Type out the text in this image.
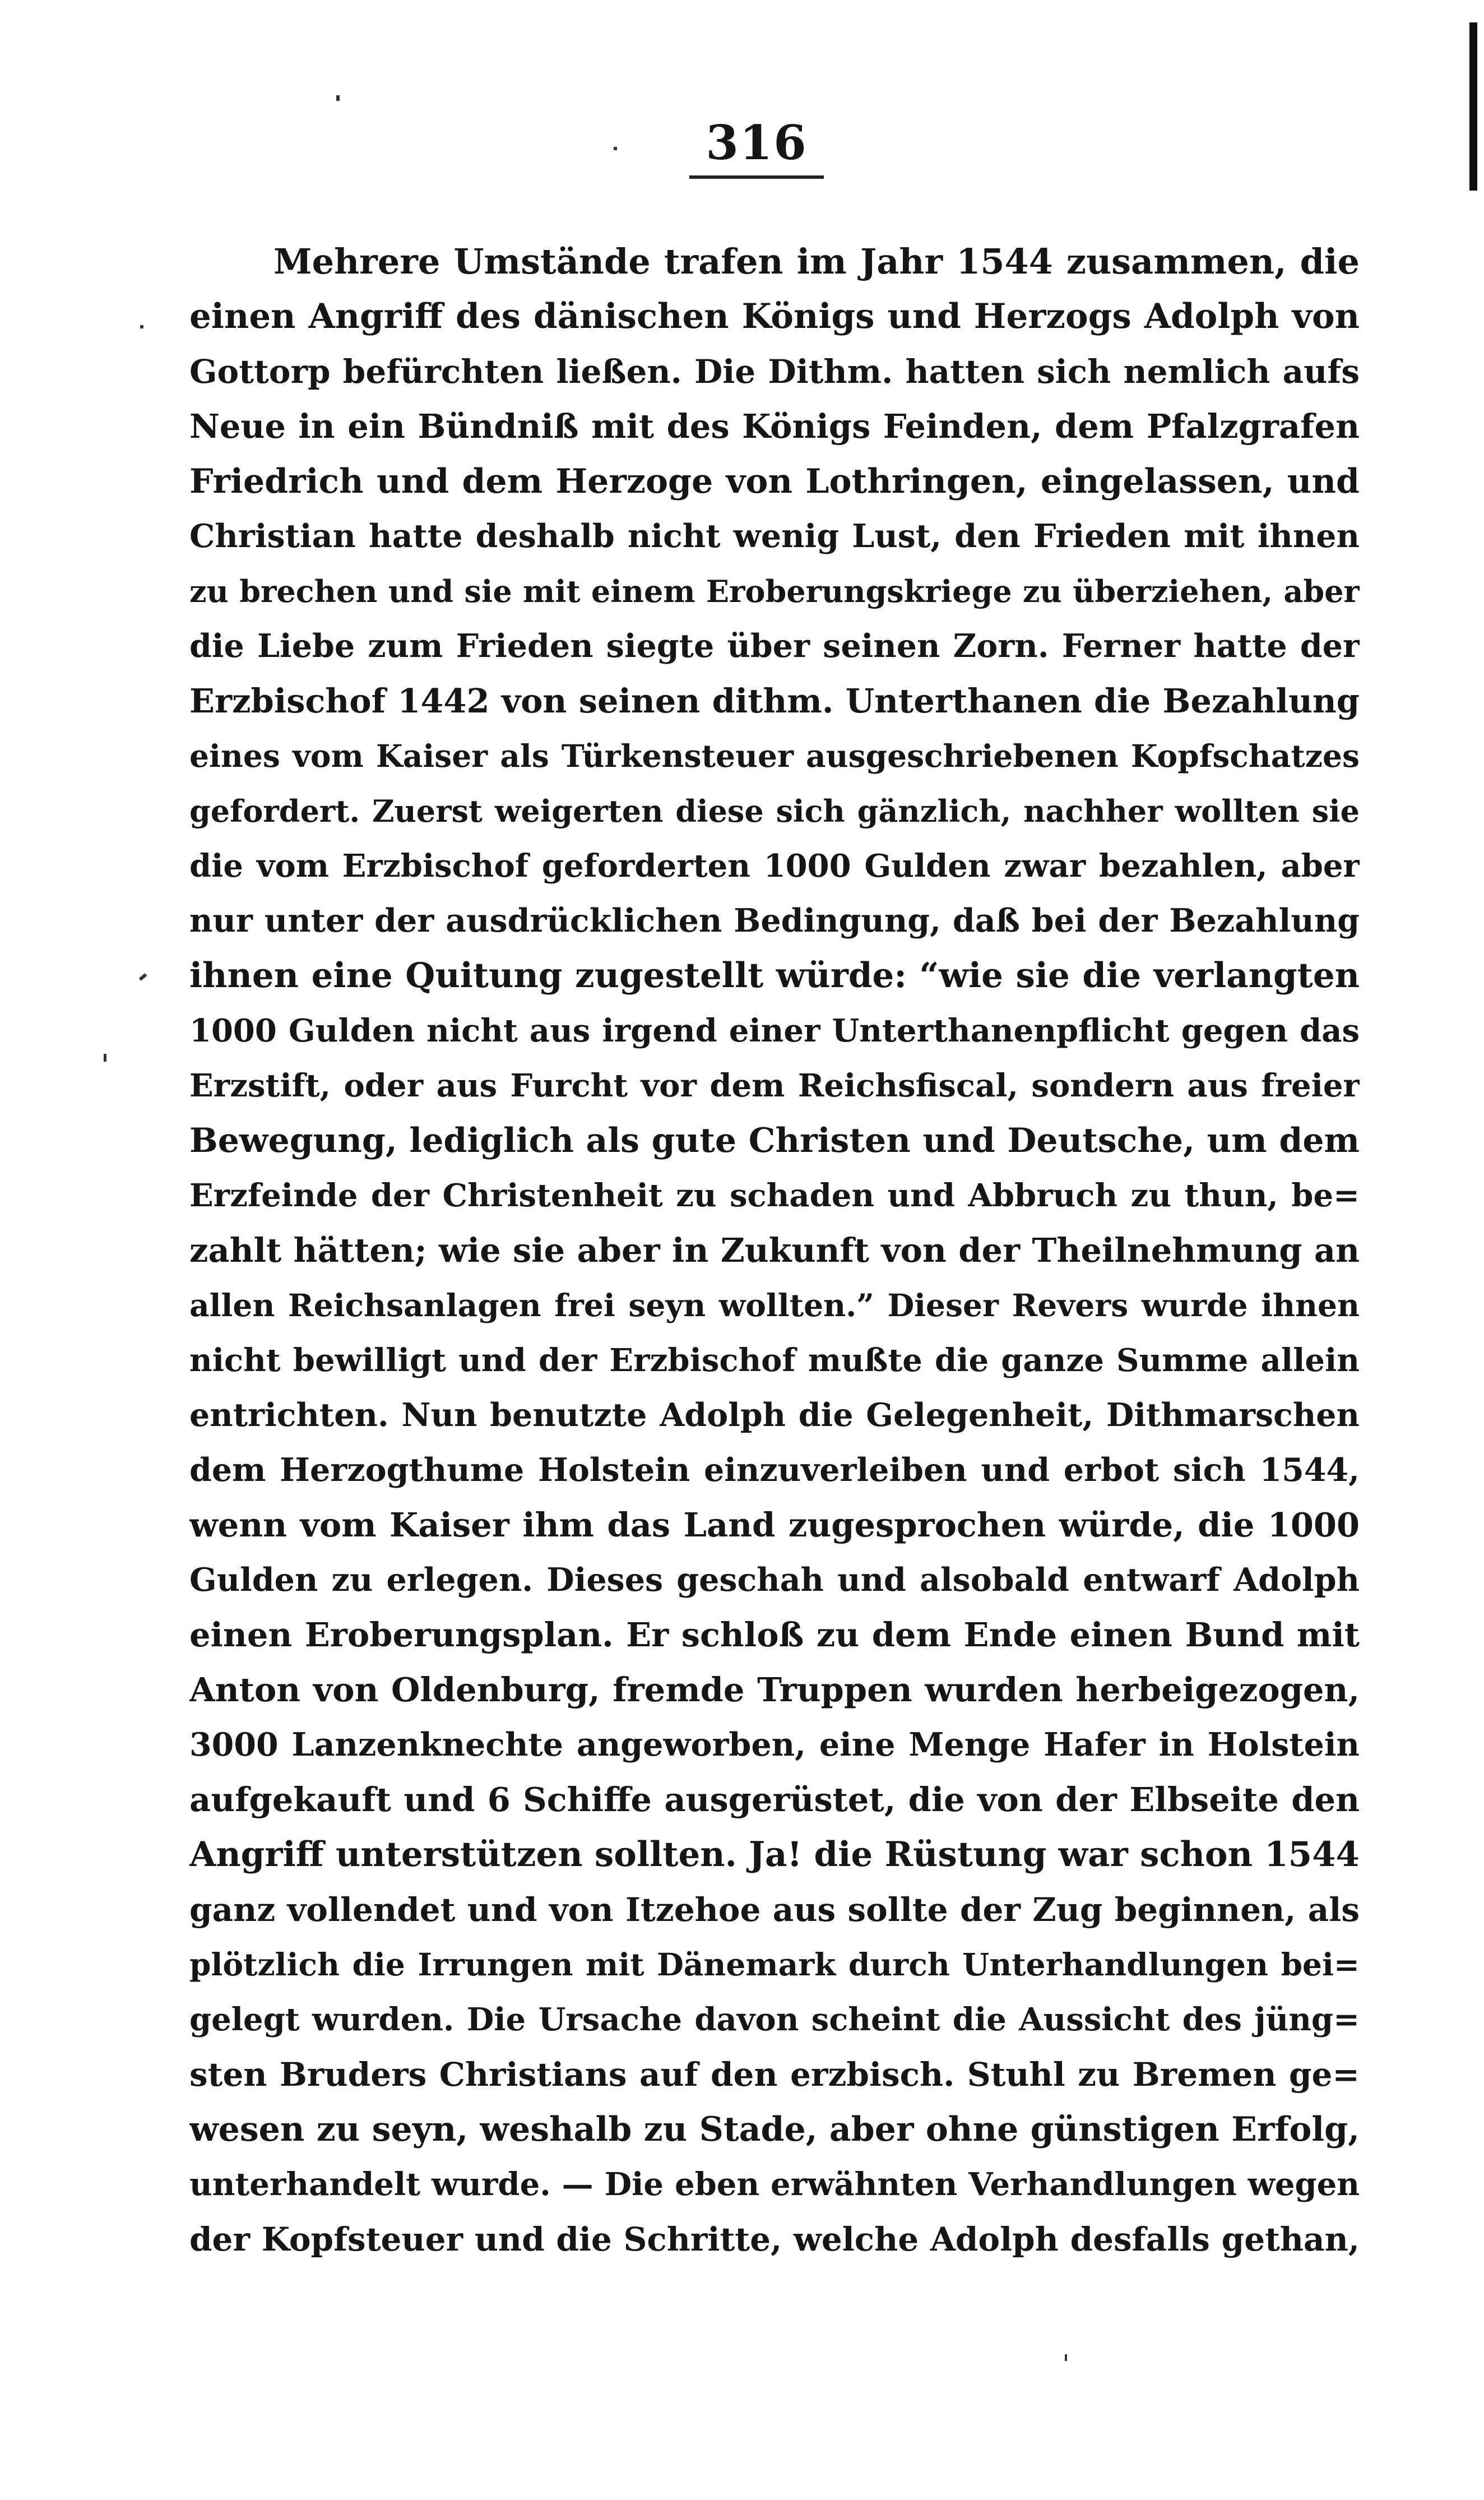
316
Mehrere Umstände trafen im Jahr 1544 zusammen, die
einen Angriff des dänischen Königs und Herzogs Adolph von
Gottorp befürchten ließen. Die Dithm. hatten sich nemlich aufs
Neue in ein Bündniß mit des Königs Feinden, dem Pfalzgrafen
Friedrich und dem Herzoge von Lothringen, eingelassen, und
Christian hatte deshalb nicht wenig Lust, den Frieden mit ihnen
zu brechen und sie mit einem Eroberungskriege zu überziehen, aber
die Liebe zum Frieden siegte über seinen Zorn. Ferner hatte der
Erzbischof 1442 von seinen dithm. Unterthanen die Bezahlung
eines vom Kaiser als Türkensteuer ausgeschriebenen Kopfschatzes
gefordert. Zuerst weigerten diese sich gänzlich, nachher wollten sie
die vom Erzbischof geforderten 1000 Gulden zwar bezahlen, aber
nur unter der ausdrücklichen Bedingung, daß bei der Bezahlung
ihnen eine Quitung zugestellt würde: “wie sie die verlangten
1000 Gulden nicht aus irgend einer Unterthanenpflicht gegen das
Erzstift, oder aus Furcht vor dem Reichsfiscal, sondern aus freier
Bewegung, lediglich als gute Christen und Deutsche, um dem
Erzfeinde der Christenheit zu schaden und Abbruch zu thun, be=
zahlt hätten; wie sie aber in Zukunft von der Theilnehmung an
allen Reichsanlagen frei seyn wollten.” Dieser Revers wurde ihnen
nicht bewilligt und der Erzbischof mußte die ganze Summe allein
entrichten. Nun benutzte Adolph die Gelegenheit, Dithmarschen
dem Herzogthume Holstein einzuverleiben und erbot sich 1544,
wenn vom Kaiser ihm das Land zugesprochen würde, die 1000
Gulden zu erlegen. Dieses geschah und alsobald entwarf Adolph
einen Eroberungsplan. Er schloß zu dem Ende einen Bund mit
Anton von Oldenburg, fremde Truppen wurden herbeigezogen,
3000 Lanzenknechte angeworben, eine Menge Hafer in Holstein
aufgekauft und 6 Schiffe ausgerüstet, die von der Elbseite den
Angriff unterstützen sollten. Ja! die Rüstung war schon 1544
ganz vollendet und von Itzehoe aus sollte der Zug beginnen, als
plötzlich die Irrungen mit Dänemark durch Unterhandlungen bei=
gelegt wurden. Die Ursache davon scheint die Aussicht des jüng=
sten Bruders Christians auf den erzbisch. Stuhl zu Bremen ge=
wesen zu seyn, weshalb zu Stade, aber ohne günstigen Erfolg,
unterhandelt wurde. — Die eben erwähnten Verhandlungen wegen
der Kopfsteuer und die Schritte, welche Adolph desfalls gethan,
